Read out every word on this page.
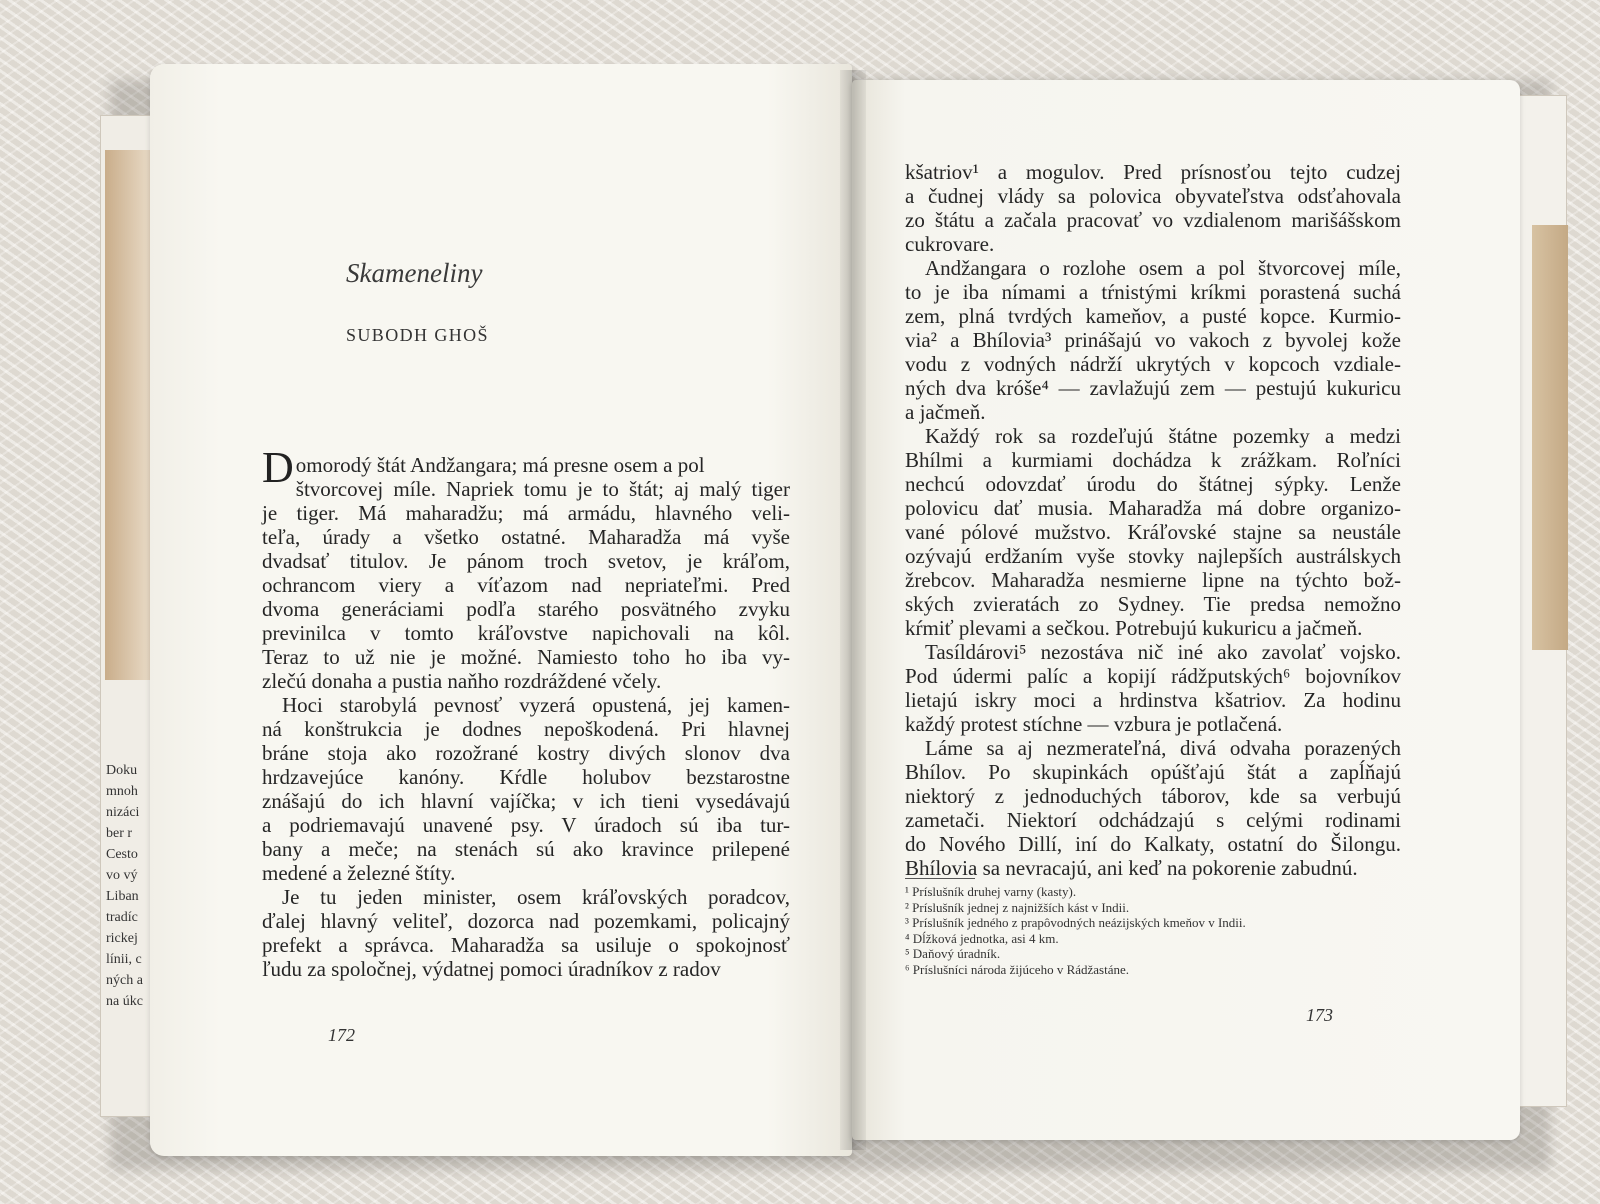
Doku
mnoh
nizáci
ber r
Cesto
vo vý
Liban
tradíc
rickej
línii, c
ných a
na úkc
Skameneliny
SUBODH GHOŠ
Domorodý štát Andžangara; má presne osem a pol
štvorcovej míle. Napriek tomu je to štát; aj malý tiger
je tiger. Má maharadžu; má armádu, hlavného veli-
teľa, úrady a všetko ostatné. Maharadža má vyše
dvadsať titulov. Je pánom troch svetov, je kráľom,
ochrancom viery a víťazom nad nepriateľmi. Pred
dvoma generáciami podľa starého posvätného zvyku
previnilca v tomto kráľovstve napichovali na kôl.
Teraz to už nie je možné. Namiesto toho ho iba vy-
zlečú donaha a pustia naňho rozdráždené včely.
Hoci starobylá pevnosť vyzerá opustená, jej kamen-
ná konštrukcia je dodnes nepoškodená. Pri hlavnej
bráne stoja ako rozožrané kostry divých slonov dva
hrdzavejúce kanóny. Kŕdle holubov bezstarostne
znášajú do ich hlavní vajíčka; v ich tieni vysedávajú
a podriemavajú unavené psy. V úradoch sú iba tur-
bany a meče; na stenách sú ako kravince prilepené
medené a železné štíty.
Je tu jeden minister, osem kráľovských poradcov,
ďalej hlavný veliteľ, dozorca nad pozemkami, policajný
prefekt a správca. Maharadža sa usiluje o spokojnosť
ľudu za spoločnej, výdatnej pomoci úradníkov z radov
kšatriov¹ a mogulov. Pred prísnosťou tejto cudzej
a čudnej vlády sa polovica obyvateľstva odsťahovala
zo štátu a začala pracovať vo vzdialenom marišášskom
cukrovare.
Andžangara o rozlohe osem a pol štvorcovej míle,
to je iba nímami a tŕnistými kríkmi porastená suchá
zem, plná tvrdých kameňov, a pusté kopce. Kurmio-
via² a Bhílovia³ prinášajú vo vakoch z byvolej kože
vodu z vodných nádrží ukrytých v kopcoch vzdiale-
ných dva króše⁴ — zavlažujú zem — pestujú kukuricu
a jačmeň.
Každý rok sa rozdeľujú štátne pozemky a medzi
Bhílmi a kurmiami dochádza k zrážkam. Roľníci
nechcú odovzdať úrodu do štátnej sýpky. Lenže
polovicu dať musia. Maharadža má dobre organizo-
vané pólové mužstvo. Kráľovské stajne sa neustále
ozývajú erdžaním vyše stovky najlepších austrálskych
žrebcov. Maharadža nesmierne lipne na týchto bož-
ských zvieratách zo Sydney. Tie predsa nemožno
kŕmiť plevami a sečkou. Potrebujú kukuricu a jačmeň.
Tasíldárovi⁵ nezostáva nič iné ako zavolať vojsko.
Pod údermi palíc a kopijí rádžputských⁶ bojovníkov
lietajú iskry moci a hrdinstva kšatriov. Za hodinu
každý protest stíchne — vzbura je potlačená.
Láme sa aj nezmerateľná, divá odvaha porazených
Bhílov. Po skupinkách opúšťajú štát a zapĺňajú
niektorý z jednoduchých táborov, kde sa verbujú
zametači. Niektorí odchádzajú s celými rodinami
do Nového Dillí, iní do Kalkaty, ostatní do Šilongu.
Bhílovia sa nevracajú, ani keď na pokorenie zabudnú.
¹ Príslušník druhej varny (kasty).
² Príslušník jednej z najnižších kást v Indii.
³ Príslušník jedného z prapôvodných neázijských kmeňov v Indii.
⁴ Dĺžková jednotka, asi 4 km.
⁵ Daňový úradník.
⁶ Príslušníci národa žijúceho v Rádžastáne.
172
173
